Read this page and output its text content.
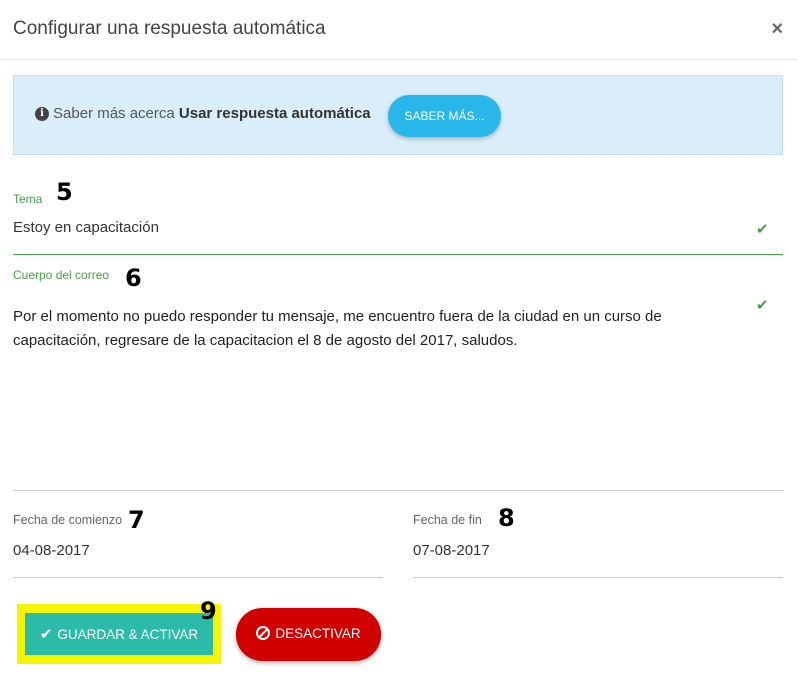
Configurar una respuesta automática	×
i Saber más acerca Usar respuesta automática	SABER MÁS...
Tema 5
Estoy en capacitación	✔
Cuerpo del correo 6
✔
Por el momento no puedo responder tu mensaje, me encuentro fuera de la ciudad en un curso de capacitación, regresare de la capacitacion el 8 de agosto del 2017, saludos.
Fecha de comienzo 7
04-08-2017
Fecha de fin 8
07-08-2017
✔ GUARDAR & ACTIVAR
9
DESACTIVAR
